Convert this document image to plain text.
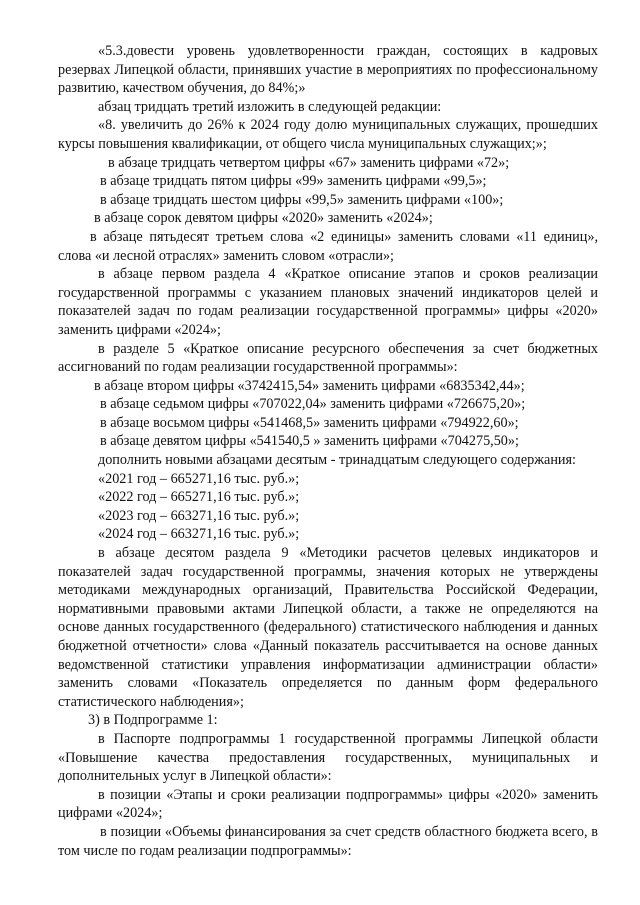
«5.3.довести уровень удовлетворенности граждан, состоящих в кадровых резервах Липецкой области, принявших участие в мероприятиях по профессиональному развитию, качеством обучения, до 84%;»

абзац тридцать третий изложить в следующей редакции:

«8. увеличить до 26% к 2024 году долю муниципальных служащих, прошедших курсы повышения квалификации, от общего числа муниципальных служащих;»;

в абзаце тридцать четвертом цифры «67» заменить цифрами «72»;

в абзаце тридцать пятом цифры «99» заменить цифрами «99,5»;

в абзаце тридцать шестом цифры «99,5» заменить цифрами «100»;

в абзаце сорок девятом цифры «2020» заменить «2024»;

в абзаце пятьдесят третьем слова «2 единицы» заменить словами «11 единиц», слова «и лесной отраслях» заменить словом «отрасли»;

в абзаце первом раздела 4 «Краткое описание этапов и сроков реализации государственной программы с указанием плановых значений индикаторов целей и показателей задач по годам реализации государственной программы» цифры «2020» заменить цифрами «2024»;

в разделе 5 «Краткое описание ресурсного обеспечения за счет бюджетных ассигнований по годам реализации государственной программы»:

в абзаце втором цифры «3742415,54» заменить цифрами «6835342,44»;

в абзаце седьмом цифры «707022,04» заменить цифрами «726675,20»;

в абзаце восьмом цифры «541468,5» заменить цифрами «794922,60»;

в абзаце девятом цифры «541540,5 » заменить цифрами «704275,50»;

дополнить новыми абзацами десятым - тринадцатым следующего содержания:

«2021 год – 665271,16 тыс. руб.»;

«2022 год – 665271,16 тыс. руб.»;

«2023 год – 663271,16 тыс. руб.»;

«2024 год – 663271,16 тыс. руб.»;

в абзаце десятом раздела 9 «Методики расчетов целевых индикаторов и показателей задач государственной программы, значения которых не утверждены методиками международных организаций, Правительства Российской Федерации, нормативными правовыми актами Липецкой области, а также не определяются на основе данных государственного (федерального) статистического наблюдения и данных бюджетной отчетности» слова «Данный показатель рассчитывается на основе данных ведомственной статистики управления информатизации администрации области» заменить словами «Показатель определяется по данным форм федерального статистического наблюдения»;

3) в Подпрограмме 1:

в Паспорте подпрограммы 1 государственной программы Липецкой области «Повышение качества предоставления государственных, муниципальных и дополнительных услуг в Липецкой области»:

в позиции «Этапы и сроки реализации подпрограммы» цифры «2020» заменить цифрами «2024»;

в позиции «Объемы финансирования за счет средств областного бюджета всего, в том числе по годам реализации подпрограммы»:
